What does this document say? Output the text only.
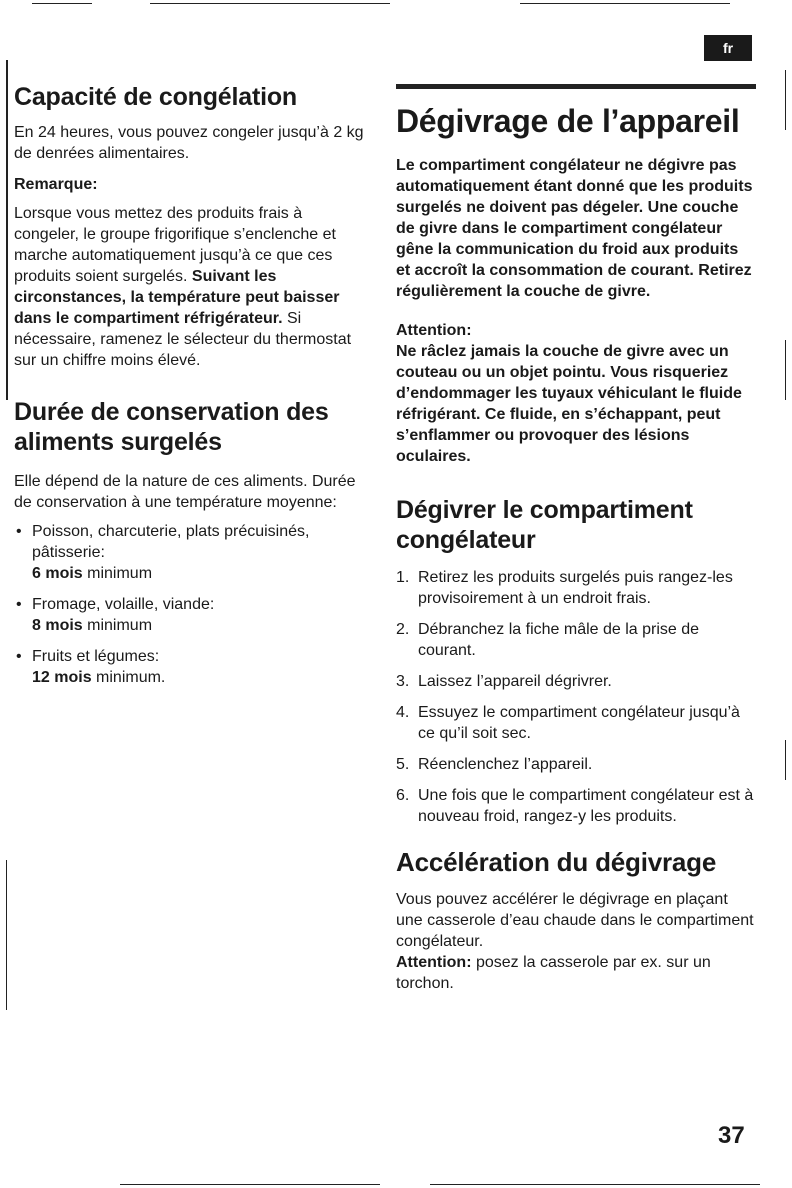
fr
Capacité de congélation

En 24 heures, vous pouvez congeler jusqu’à 2 kg de denrées alimentaires.

Remarque:

Lorsque vous mettez des produits frais à congeler, le groupe frigorifique s’enclenche et marche automatiquement jusqu’à ce que ces produits soient surgelés. Suivant les circonstances, la température peut baisser dans le compartiment réfrigérateur. Si nécessaire, ramenez le sélecteur du thermostat sur un chiffre moins élevé.

Durée de conservation des aliments surgelés

Elle dépend de la nature de ces aliments. Durée de conservation à une température moyenne:

• Poisson, charcuterie, plats précuisinés, pâtisserie:
6 mois minimum
• Fromage, volaille, viande:
8 mois minimum
• Fruits et légumes:
12 mois minimum.
Dégivrage de l’appareil

Le compartiment congélateur ne dégivre pas automatiquement étant donné que les produits surgelés ne doivent pas dégeler. Une couche de givre dans le compartiment congélateur gêne la communication du froid aux produits et accroît la consommation de courant. Retirez régulièrement la couche de givre.

Attention:

Ne râclez jamais la couche de givre avec un couteau ou un objet pointu. Vous risqueriez d’endommager les tuyaux véhiculant le fluide réfrigérant. Ce fluide, en s’échappant, peut s’enflammer ou provoquer des lésions oculaires.

Dégivrer le compartiment congélateur
1. Retirez les produits surgelés puis rangez-les provisoirement à un endroit frais.
2. Débranchez la fiche mâle de la prise de courant.
3. Laissez l’appareil dégrivrer.
4. Essuyez le compartiment congélateur jusqu’à ce qu’il soit sec.
5. Réenclenchez l’appareil.
6. Une fois que le compartiment congélateur est à nouveau froid, rangez-y les produits.
Accélération du dégivrage

Vous pouvez accélérer le dégivrage en plaçant une casserole d’eau chaude dans le compartiment congélateur.

Attention: posez la casserole par ex. sur un torchon.

37
